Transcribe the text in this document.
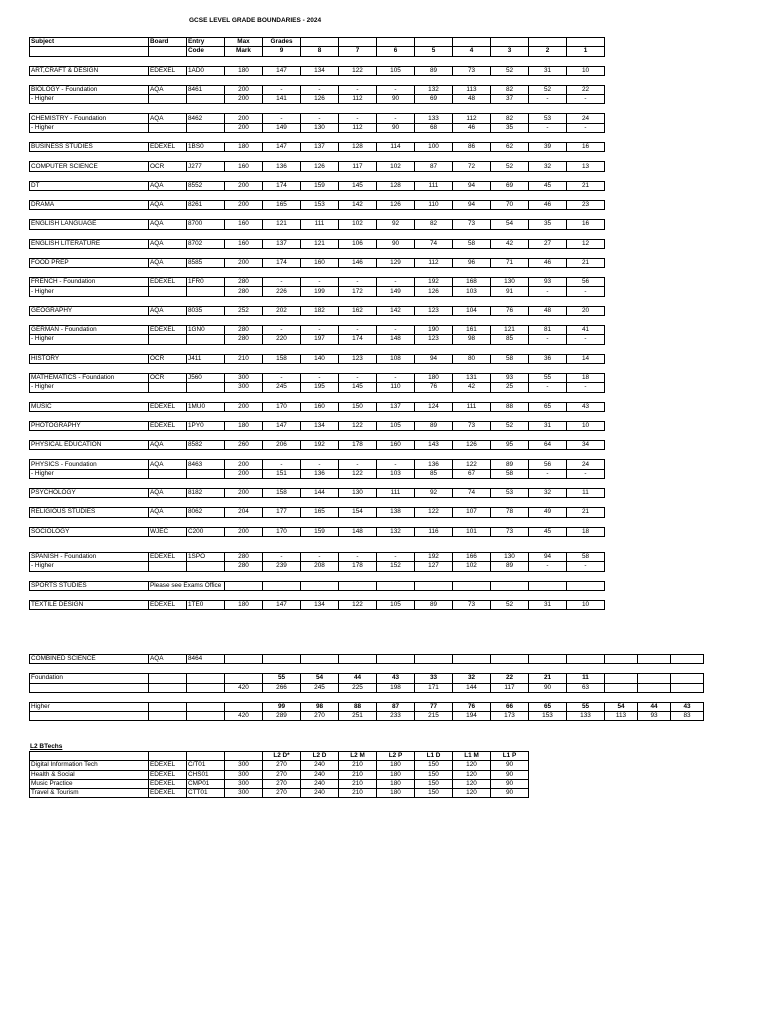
GCSE LEVEL GRADE BOUNDARIES - 2024
Subject	Board	Entry	Max	Grades								
		Code	Mark	9	8	7	6	5	4	3	2	1

ART,CRAFT & DESIGN	EDEXEL	1AD0	180	147	134	122	105	89	73	52	31	10

BIOLOGY - Foundation	AQA	8461	200	-	-	-	-	132	113	82	52	22
- Higher			200	141	126	112	90	69	48	37	-	-

CHEMISTRY - Foundation	AQA	8462	200	-	-	-	-	133	112	82	53	24
- Higher			200	149	130	112	90	68	46	35	-	-

BUSINESS STUDIES	EDEXEL	1BS0	180	147	137	128	114	100	86	62	39	16

COMPUTER SCIENCE	OCR	J277	160	136	126	117	102	87	72	52	32	13

DT	AQA	8552	200	174	159	145	128	111	94	69	45	21

DRAMA	AQA	8261	200	165	153	142	126	110	94	70	46	23

ENGLISH LANGUAGE	AQA	8700	160	121	111	102	92	82	73	54	35	16

ENGLISH LITERATURE	AQA	8702	160	137	121	106	90	74	58	42	27	12

FOOD PREP	AQA	8585	200	174	160	146	129	112	96	71	46	21

FRENCH - Foundation	EDEXEL	1FR0	280	-	-	-	-	192	168	130	93	56
- Higher			280	226	199	172	149	126	103	91	-	-

GEOGRAPHY	AQA	8035	252	202	182	162	142	123	104	76	48	20

GERMAN - Foundation	EDEXEL	1GN0	280	-	-	-	-	190	161	121	81	41
- Higher			280	220	197	174	148	123	98	85	-	-

HISTORY	OCR	J411	210	158	140	123	108	94	80	58	36	14

MATHEMATICS - Foundation	OCR	J560	300	-	-	-	-	180	131	93	55	18
- Higher			300	245	195	145	110	76	42	25	-	-

MUSIC	EDEXEL	1MU0	200	170	160	150	137	124	111	88	65	43

PHOTOGRAPHY	EDEXEL	1PY0	180	147	134	122	105	89	73	52	31	10

PHYSICAL EDUCATION	AQA	8582	260	206	192	178	160	143	126	95	64	34

PHYSICS - Foundation	AQA	8463	200	-	-	-	-	136	122	89	56	24
- Higher			200	151	136	122	103	85	67	58	-	-

PSYCHOLOGY	AQA	8182	200	158	144	130	111	92	74	53	32	11

RELIGIOUS STUDIES	AQA	8062	204	177	165	154	138	122	107	78	49	21

SOCIOLOGY	WJEC	C200	200	170	159	148	132	116	101	73	45	18
SPANISH - Foundation	EDEXEL	1SPO	280	-	-	-	-	192	166	130	94	58
- Higher			280	239	208	178	152	127	102	89	-	-

SPORTS STUDIES	Please see Exams Office											

TEXTILE DESIGN	EDEXEL	1TE0	180	147	134	122	105	89	73	52	31	10
COMBINED SCIENCE	AQA	8464													

Foundation				55	54	44	43	33	32	22	21	11			
			420	266	245	225	198	171	144	117	90	63			

Higher				99	98	88	87	77	76	66	65	55	54	44	43
			420	289	270	251	233	215	194	173	153	133	113	93	83
L2 BTechs
				L2 D*	L2 D	L2 M	L2 P	L1 D	L1 M	L1 P
Digital Information Tech	EDEXEL	C/T01	300	270	240	210	180	150	120	90
Health & Social	EDEXEL	CHS01	300	270	240	210	180	150	120	90
Music Practice	EDEXEL	CMP01	300	270	240	210	180	150	120	90
Travel & Tourism	EDEXEL	CTT01	300	270	240	210	180	150	120	90
